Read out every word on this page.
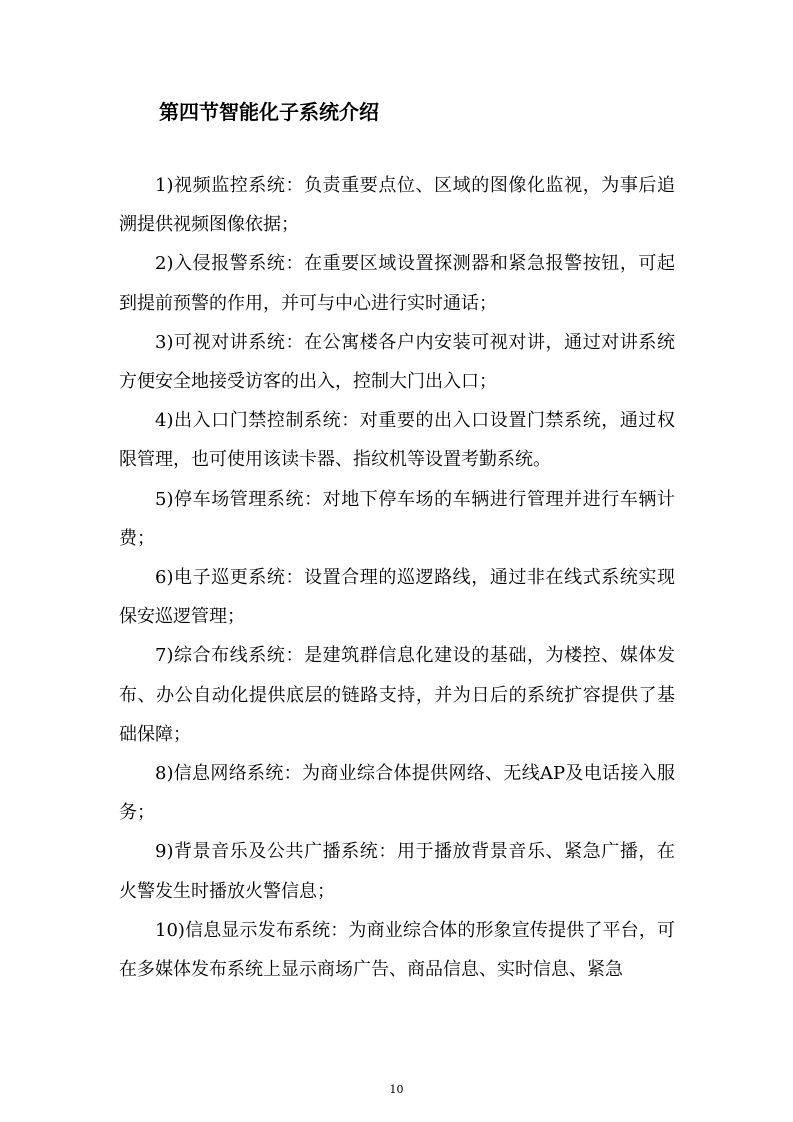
第四节智能化子系统介绍

1)视频监控系统：负责重要点位、区域的图像化监视，为事后追溯提供视频图像依据；

2)入侵报警系统：在重要区域设置探测器和紧急报警按钮，可起到提前预警的作用，并可与中心进行实时通话；

3)可视对讲系统：在公寓楼各户内安装可视对讲，通过对讲系统方便安全地接受访客的出入，控制大门出入口；

4)出入口门禁控制系统：对重要的出入口设置门禁系统，通过权限管理，也可使用该读卡器、指纹机等设置考勤系统。

5)停车场管理系统：对地下停车场的车辆进行管理并进行车辆计费；

6)电子巡更系统：设置合理的巡逻路线，通过非在线式系统实现保安巡逻管理；

7)综合布线系统：是建筑群信息化建设的基础，为楼控、媒体发布、办公自动化提供底层的链路支持，并为日后的系统扩容提供了基础保障；

8)信息网络系统：为商业综合体提供网络、无线AP及电话接入服务；

9)背景音乐及公共广播系统：用于播放背景音乐、紧急广播，在火警发生时播放火警信息；

10)信息显示发布系统：为商业综合体的形象宣传提供了平台，可在多媒体发布系统上显示商场广告、商品信息、实时信息、紧急

10
